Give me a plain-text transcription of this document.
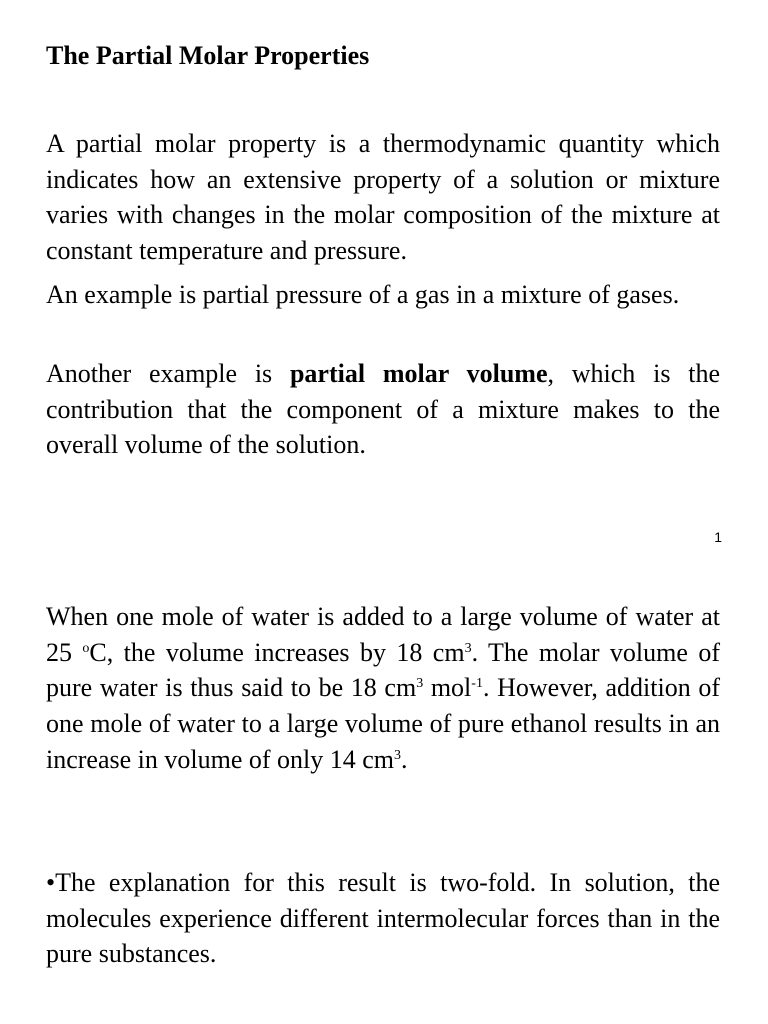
The Partial Molar Properties

A partial molar property is a thermodynamic quantity which indicates how an extensive property of a solution or mixture varies with changes in the molar composition of the mixture at constant temperature and pressure.

An example is partial pressure of a gas in a mixture of gases.

Another example is partial molar volume, which is the contribution that the component of a mixture makes to the overall volume of the solution.

1

When one mole of water is added to a large volume of water at 25 $^o$C, the volume increases by 18 $cm^3$. The molar volume of pure water is thus said to be 18 $cm^3$ mol$^{-1}$. However, addition of one mole of water to a large volume of pure ethanol results in an increase in volume of only 14 $cm^3$.

•The explanation for this result is two-fold. In solution, the molecules experience different intermolecular forces than in the pure substances.
